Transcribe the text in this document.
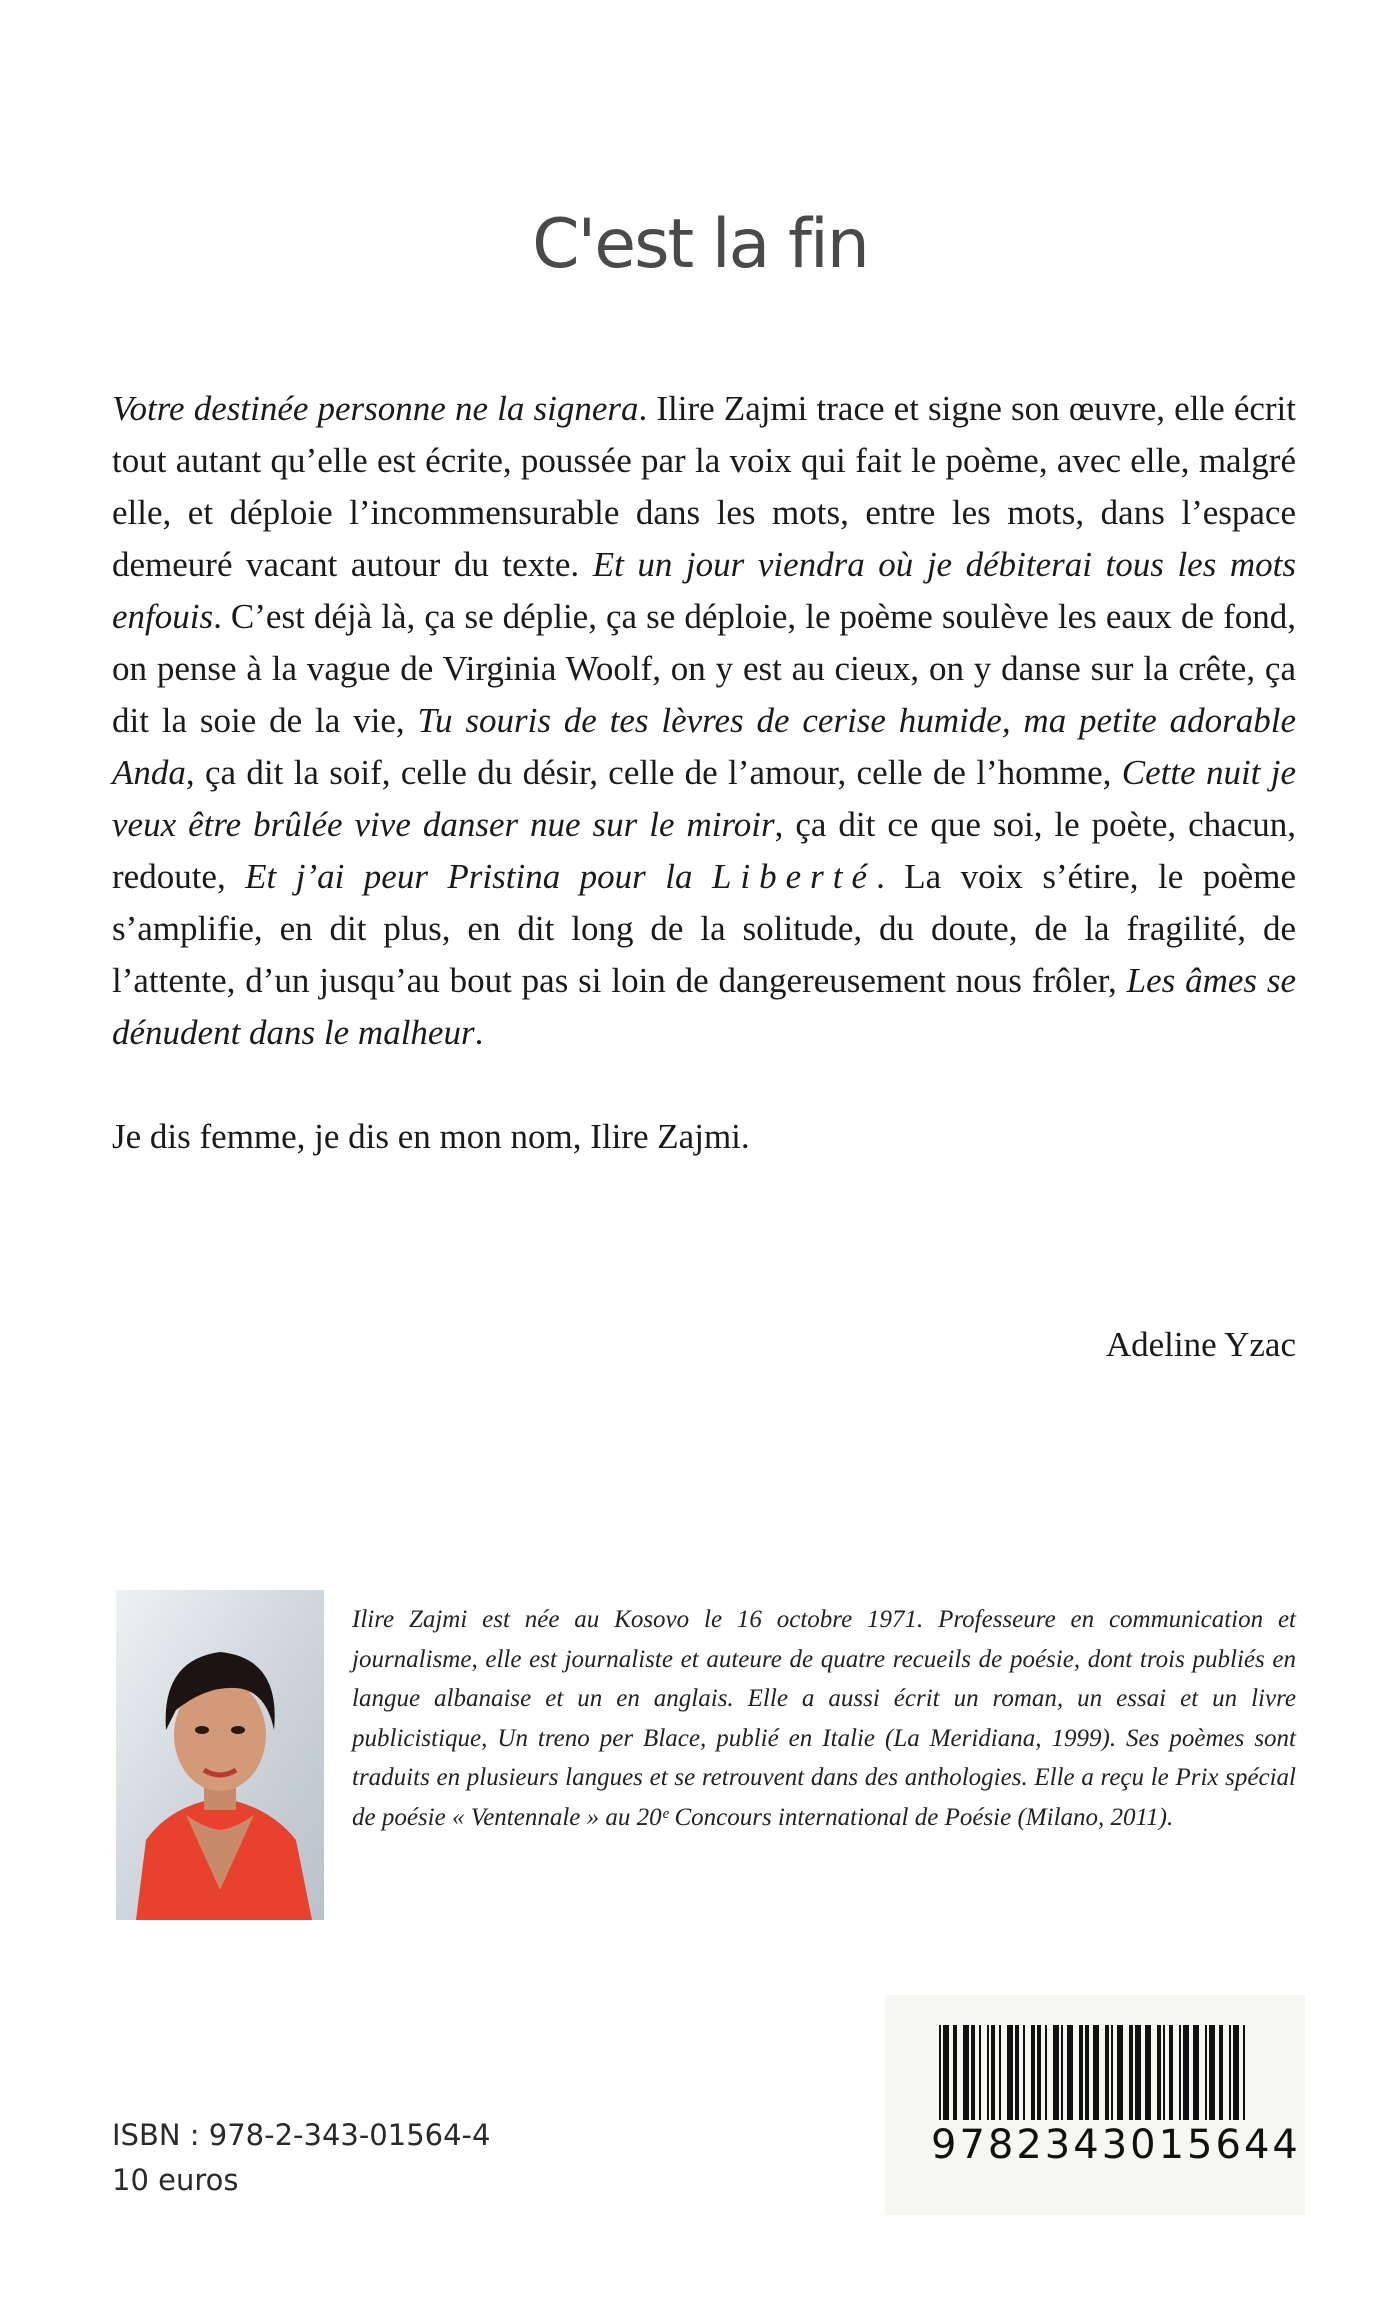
C'est la fin

Votre destinée personne ne la signera. Ilire Zajmi trace et signe son œuvre, elle écrit tout autant qu’elle est écrite, poussée par la voix qui fait le poème, avec elle, malgré elle, et déploie l’incommensurable dans les mots, entre les mots, dans l’espace demeuré vacant autour du texte. Et un jour viendra où je débiterai tous les mots enfouis. C’est déjà là, ça se déplie, ça se déploie, le poème soulève les eaux de fond, on pense à la vague de Virginia Woolf, on y est au cieux, on y danse sur la crête, ça dit la soie de la vie, Tu souris de tes lèvres de cerise humide, ma petite adorable Anda, ça dit la soif, celle du désir, celle de l’amour, celle de l’homme, Cette nuit je veux être brûlée vive danser nue sur le miroir, ça dit ce que soi, le poète, chacun, redoute, Et j’ai peur Pristina pour la Liberté. La voix s’étire, le poème s’amplifie, en dit plus, en dit long de la solitude, du doute, de la fragilité, de l’attente, d’un jusqu’au bout pas si loin de dangereusement nous frôler, Les âmes se dénudent dans le malheur.

Je dis femme, je dis en mon nom, Ilire Zajmi.

Adeline Yzac
Ilire Zajmi est née au Kosovo le 16 octobre 1971. Professeure en communication et journalisme, elle est journaliste et auteure de quatre recueils de poésie, dont trois publiés en langue albanaise et un en anglais. Elle a aussi écrit un roman, un essai et un livre publicistique, Un treno per Blace, publié en Italie (La Meridiana, 1999). Ses poèmes sont traduits en plusieurs langues et se retrouvent dans des anthologies. Elle a reçu le Prix spécial de poésie « Ventennale » au 20ᵉ Concours international de Poésie (Milano, 2011).
ISBN : 978-2-343-01564-4
10 euros
9782343015644
